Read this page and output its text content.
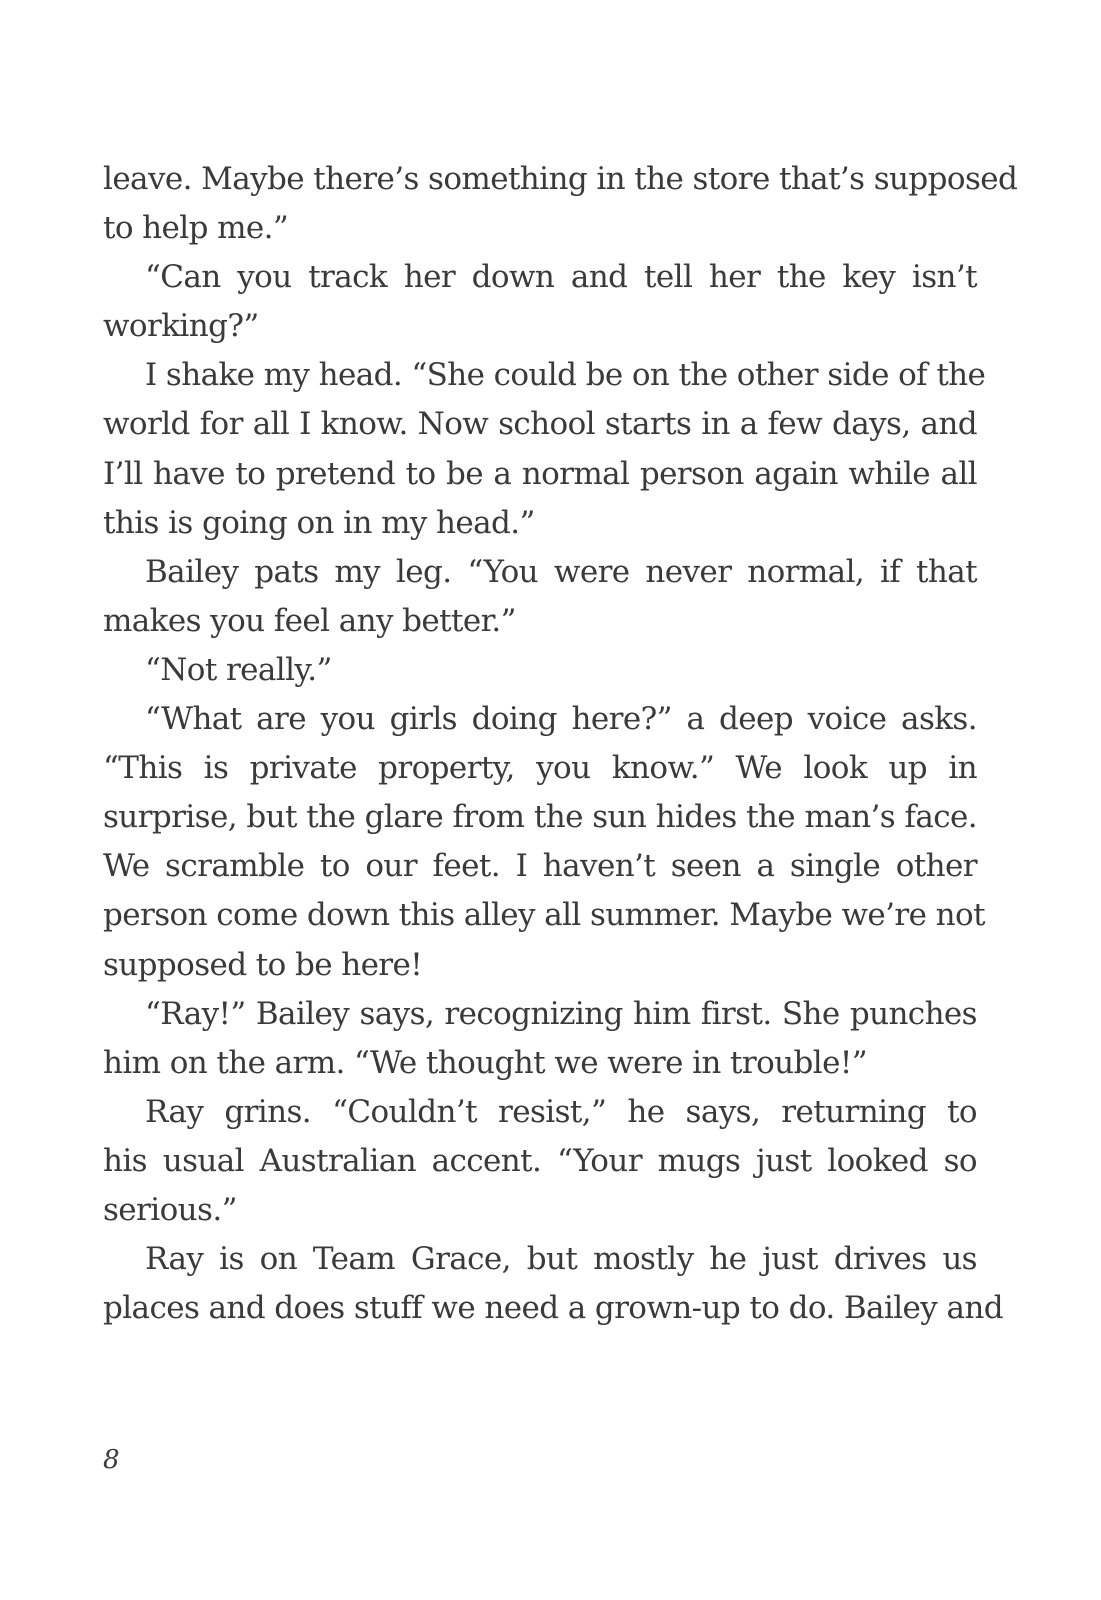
leave. Maybe there’s something in the store that’s supposed
to help me.”
“Can you track her down and tell her the key isn’t
working?”
I shake my head. “She could be on the other side of the
world for all I know. Now school starts in a few days, and
I’ll have to pretend to be a normal person again while all
this is going on in my head.”
Bailey pats my leg. “You were never normal, if that
makes you feel any better.”
“Not really.”
“What are you girls doing here?” a deep voice asks.
“This is private property, you know.” We look up in
surprise, but the glare from the sun hides the man’s face.
We scramble to our feet. I haven’t seen a single other
person come down this alley all summer. Maybe we’re not
supposed to be here!
“Ray!” Bailey says, recognizing him first. She punches
him on the arm. “We thought we were in trouble!”
Ray grins. “Couldn’t resist,” he says, returning to
his usual Australian accent. “Your mugs just looked so
serious.”
Ray is on Team Grace, but mostly he just drives us
places and does stuff we need a grown-up to do. Bailey and
8
